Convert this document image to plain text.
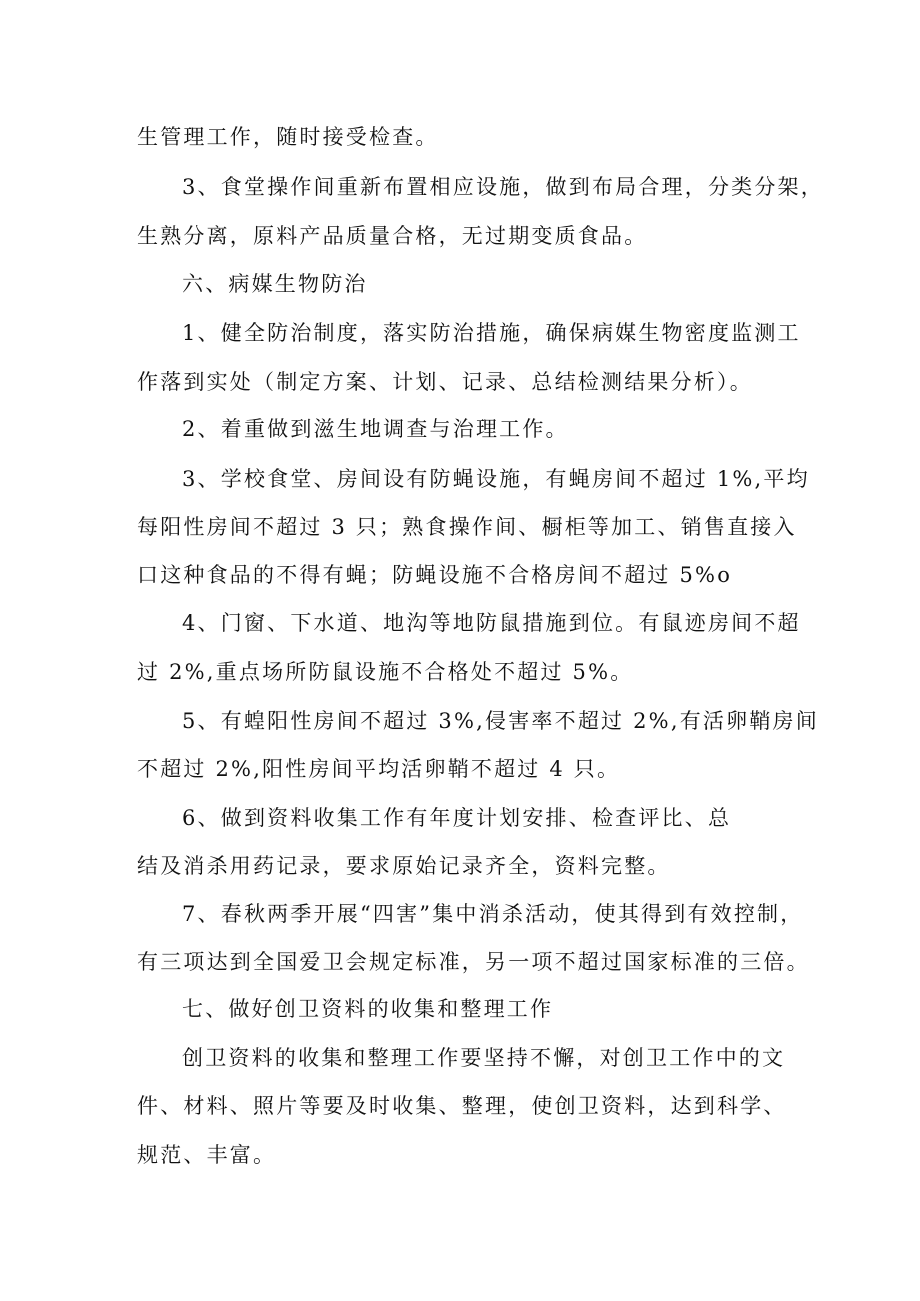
生管理工作，随时接受检查。
3、食堂操作间重新布置相应设施，做到布局合理，分类分架，
生熟分离，原料产品质量合格，无过期变质食品。
六、病媒生物防治
1、健全防治制度，落实防治措施，确保病媒生物密度监测工
作落到实处（制定方案、计划、记录、总结检测结果分析）。
2、着重做到滋生地调查与治理工作。
3、学校食堂、房间设有防蝇设施，有蝇房间不超过 1%,平均
每阳性房间不超过 3 只；熟食操作间、橱柜等加工、销售直接入
口这种食品的不得有蝇；防蝇设施不合格房间不超过 5%o
4、门窗、下水道、地沟等地防鼠措施到位。有鼠迹房间不超
过 2%,重点场所防鼠设施不合格处不超过 5%。
5、有蝗阳性房间不超过 3%,侵害率不超过 2%,有活卵鞘房间
不超过 2%,阳性房间平均活卵鞘不超过 4 只。
6、做到资料收集工作有年度计划安排、检查评比、总
结及消杀用药记录，要求原始记录齐全，资料完整。
7、春秋两季开展“四害”集中消杀活动，使其得到有效控制，
有三项达到全国爱卫会规定标准，另一项不超过国家标准的三倍。
七、做好创卫资料的收集和整理工作
创卫资料的收集和整理工作要坚持不懈，对创卫工作中的文
件、材料、照片等要及时收集、整理，使创卫资料，达到科学、
规范、丰富。
